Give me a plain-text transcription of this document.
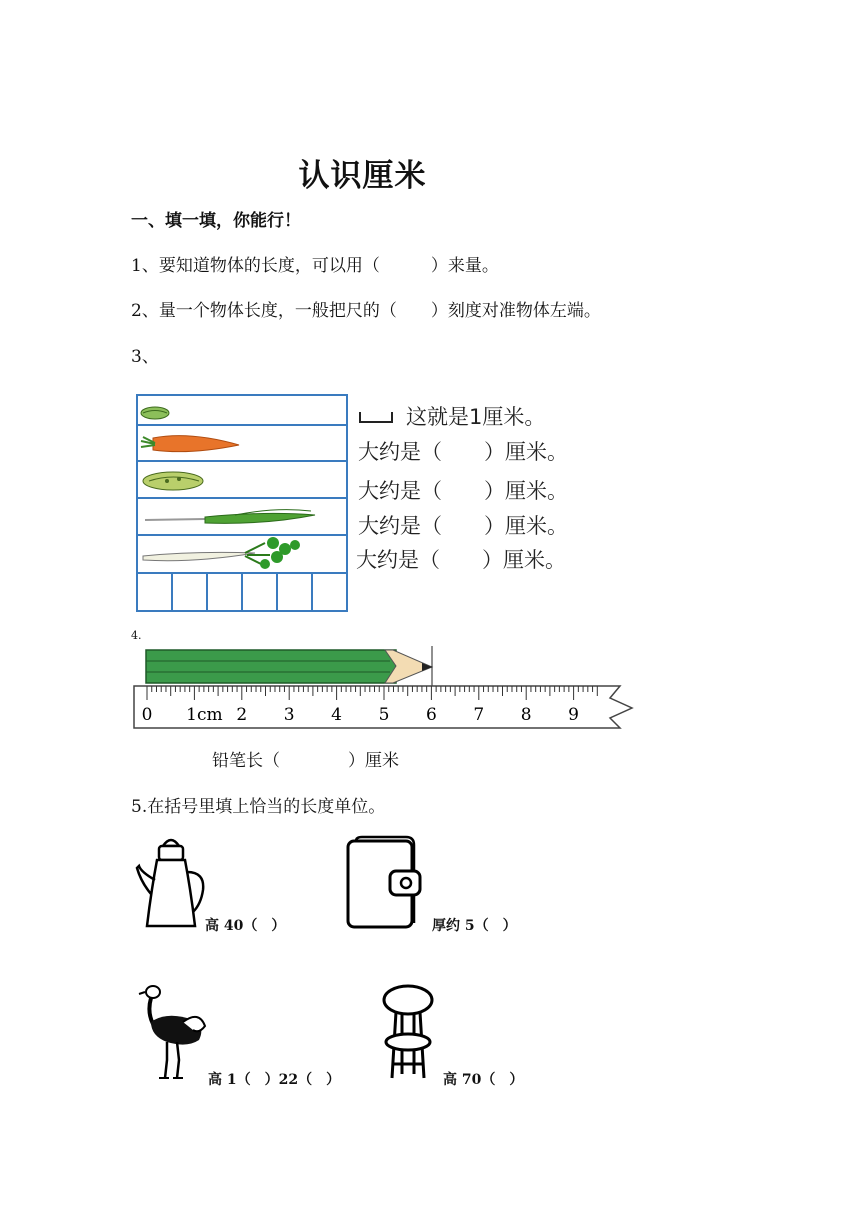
认识厘米
一、填一填，你能行！
1、要知道物体的长度，可以用（　　　）来量。
2、量一个物体长度，一般把尺的（　　）刻度对准物体左端。
3、
这就是1厘米。
大约是（　　）厘米。
大约是（　　）厘米。
大约是（　　）厘米。
大约是（　　）厘米。
4.
0 1cm 2 3 4 5 6 7 8 9
铅笔长（　　　　）厘米
5.在括号里填上恰当的长度单位。
高 40（　）	厚约 5（　）
高 1（　）22（　）	高 70（　）
